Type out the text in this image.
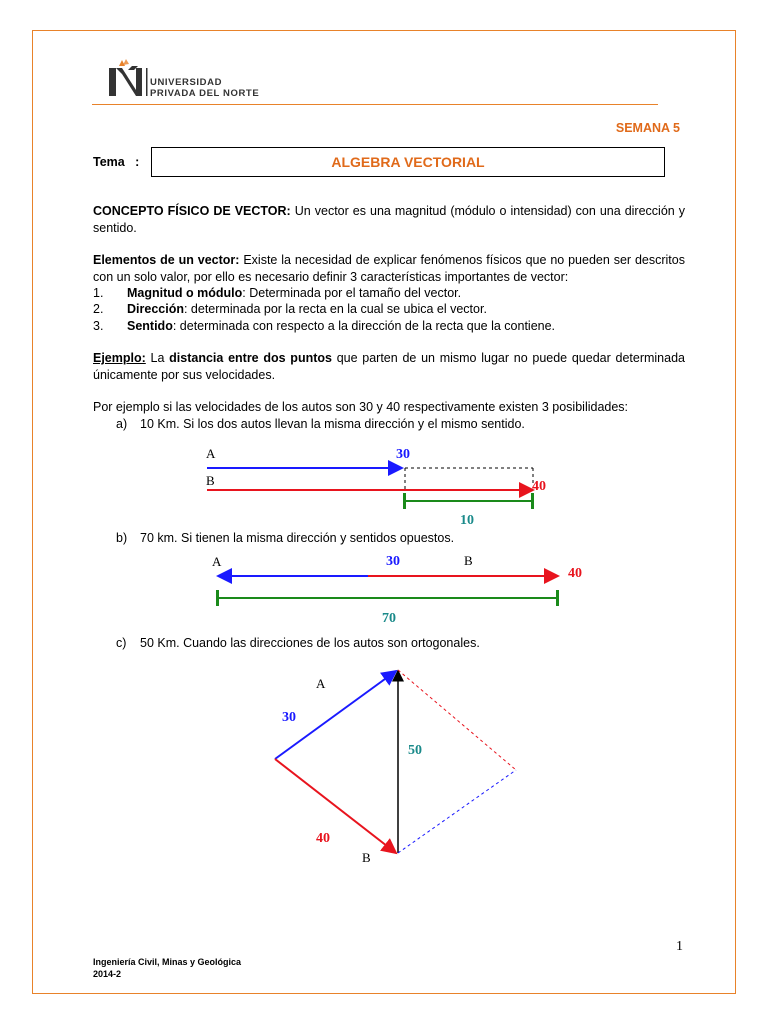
UNIVERSIDAD
PRIVADA DEL NORTE
SEMANA 5
Tema   :	ALGEBRA VECTORIAL
CONCEPTO FÍSICO DE VECTOR: Un vector es una magnitud (módulo o intensidad) con una dirección y sentido.
Elementos de un vector: Existe la necesidad de explicar fenómenos físicos que no pueden ser descritos con un solo valor, por ello es necesario definir 3 características importantes de vector:
1. Magnitud o módulo: Determinada por el tamaño del vector.
2. Dirección: determinada por la recta en la cual se ubica el vector.
3. Sentido: determinada con respecto a la dirección de la recta que la contiene.
Ejemplo: La distancia entre dos puntos que parten de un mismo lugar no puede quedar determinada únicamente por sus velocidades.
Por ejemplo si las velocidades de los autos son 30 y 40 respectivamente existen 3 posibilidades:
a) 10 Km. Si los dos autos llevan la misma dirección y el mismo sentido.
A
B
30
40
10
b) 70 km. Si tienen la misma dirección y sentidos opuestos.
A	30	B
40
70
c) 50 Km. Cuando las direcciones de los autos son ortogonales.
A
30
50
40
B
1
Ingeniería Civil, Minas y Geológica
2014-2
